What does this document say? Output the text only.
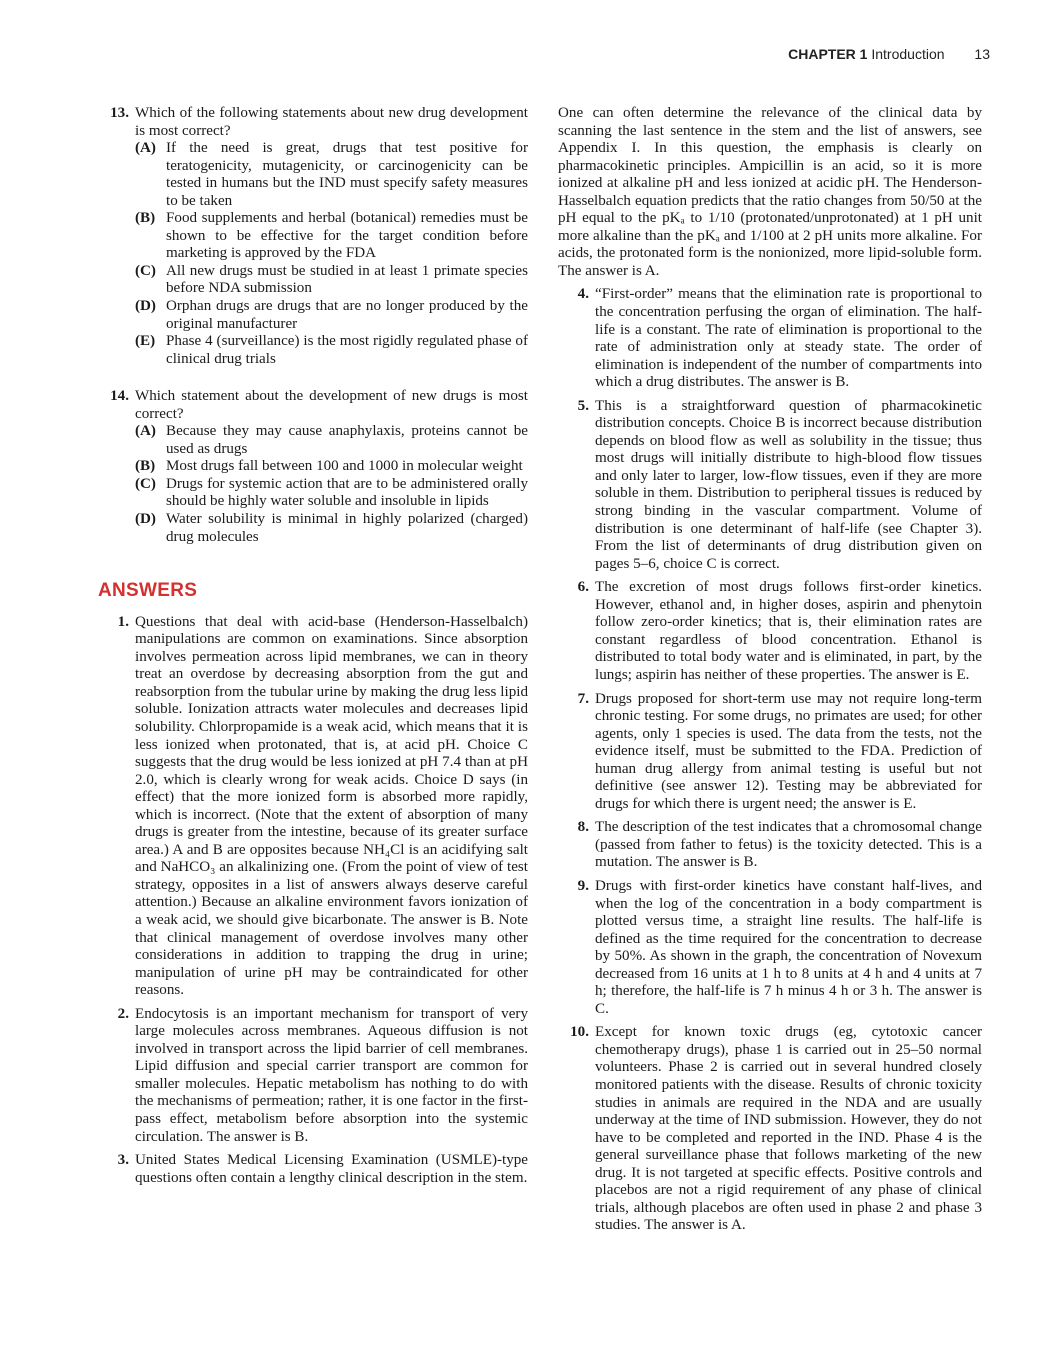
CHAPTER 1 Introduction 13
13. Which of the following statements about new drug development is most correct?
(A) If the need is great, drugs that test positive for teratogenicity, mutagenicity, or carcinogenicity can be tested in humans but the IND must specify safety measures to be taken
(B) Food supplements and herbal (botanical) remedies must be shown to be effective for the target condition before marketing is approved by the FDA
(C) All new drugs must be studied in at least 1 primate species before NDA submission
(D) Orphan drugs are drugs that are no longer produced by the original manufacturer
(E) Phase 4 (surveillance) is the most rigidly regulated phase of clinical drug trials
14. Which statement about the development of new drugs is most correct?
(A) Because they may cause anaphylaxis, proteins cannot be used as drugs
(B) Most drugs fall between 100 and 1000 in molecular weight
(C) Drugs for systemic action that are to be administered orally should be highly water soluble and insoluble in lipids
(D) Water solubility is minimal in highly polarized (charged) drug molecules
ANSWERS
1. Questions that deal with acid-base (Henderson-Hasselbalch) manipulations are common on examinations. Since absorption involves permeation across lipid membranes, we can in theory treat an overdose by decreasing absorption from the gut and reabsorption from the tubular urine by making the drug less lipid soluble. Ionization attracts water molecules and decreases lipid solubility. Chlorpropamide is a weak acid, which means that it is less ionized when protonated, that is, at acid pH. Choice C suggests that the drug would be less ionized at pH 7.4 than at pH 2.0, which is clearly wrong for weak acids. Choice D says (in effect) that the more ionized form is absorbed more rapidly, which is incorrect. (Note that the extent of absorption of many drugs is greater from the intestine, because of its greater surface area.) A and B are opposites because NH₄Cl is an acidifying salt and NaHCO₃ an alkalinizing one. (From the point of view of test strategy, opposites in a list of answers always deserve careful attention.) Because an alkaline environment favors ionization of a weak acid, we should give bicarbonate. The answer is B. Note that clinical management of overdose involves many other considerations in addition to trapping the drug in urine; manipulation of urine pH may be contraindicated for other reasons.
2. Endocytosis is an important mechanism for transport of very large molecules across membranes. Aqueous diffusion is not involved in transport across the lipid barrier of cell membranes. Lipid diffusion and special carrier transport are common for smaller molecules. Hepatic metabolism has nothing to do with the mechanisms of permeation; rather, it is one factor in the first-pass effect, metabolism before absorption into the systemic circulation. The answer is B.
3. United States Medical Licensing Examination (USMLE)-type questions often contain a lengthy clinical description in the stem.
One can often determine the relevance of the clinical data by scanning the last sentence in the stem and the list of answers, see Appendix I. In this question, the emphasis is clearly on pharmacokinetic principles. Ampicillin is an acid, so it is more ionized at alkaline pH and less ionized at acidic pH. The Henderson-Hasselbalch equation predicts that the ratio changes from 50/50 at the pH equal to the pKₐ to 1/10 (protonated/unprotonated) at 1 pH unit more alkaline than the pKₐ and 1/100 at 2 pH units more alkaline. For acids, the protonated form is the nonionized, more lipid-soluble form. The answer is A.
4. “First-order” means that the elimination rate is proportional to the concentration perfusing the organ of elimination. The half-life is a constant. The rate of elimination is proportional to the rate of administration only at steady state. The order of elimination is independent of the number of compartments into which a drug distributes. The answer is B.
5. This is a straightforward question of pharmacokinetic distribution concepts. Choice B is incorrect because distribution depends on blood flow as well as solubility in the tissue; thus most drugs will initially distribute to high-blood flow tissues and only later to larger, low-flow tissues, even if they are more soluble in them. Distribution to peripheral tissues is reduced by strong binding in the vascular compartment. Volume of distribution is one determinant of half-life (see Chapter 3). From the list of determinants of drug distribution given on pages 5–6, choice C is correct.
6. The excretion of most drugs follows first-order kinetics. However, ethanol and, in higher doses, aspirin and phenytoin follow zero-order kinetics; that is, their elimination rates are constant regardless of blood concentration. Ethanol is distributed to total body water and is eliminated, in part, by the lungs; aspirin has neither of these properties. The answer is E.
7. Drugs proposed for short-term use may not require long-term chronic testing. For some drugs, no primates are used; for other agents, only 1 species is used. The data from the tests, not the evidence itself, must be submitted to the FDA. Prediction of human drug allergy from animal testing is useful but not definitive (see answer 12). Testing may be abbreviated for drugs for which there is urgent need; the answer is E.
8. The description of the test indicates that a chromosomal change (passed from father to fetus) is the toxicity detected. This is a mutation. The answer is B.
9. Drugs with first-order kinetics have constant half-lives, and when the log of the concentration in a body compartment is plotted versus time, a straight line results. The half-life is defined as the time required for the concentration to decrease by 50%. As shown in the graph, the concentration of Novexum decreased from 16 units at 1 h to 8 units at 4 h and 4 units at 7 h; therefore, the half-life is 7 h minus 4 h or 3 h. The answer is C.
10. Except for known toxic drugs (eg, cytotoxic cancer chemotherapy drugs), phase 1 is carried out in 25–50 normal volunteers. Phase 2 is carried out in several hundred closely monitored patients with the disease. Results of chronic toxicity studies in animals are required in the NDA and are usually underway at the time of IND submission. However, they do not have to be completed and reported in the IND. Phase 4 is the general surveillance phase that follows marketing of the new drug. It is not targeted at specific effects. Positive controls and placebos are not a rigid requirement of any phase of clinical trials, although placebos are often used in phase 2 and phase 3 studies. The answer is A.
